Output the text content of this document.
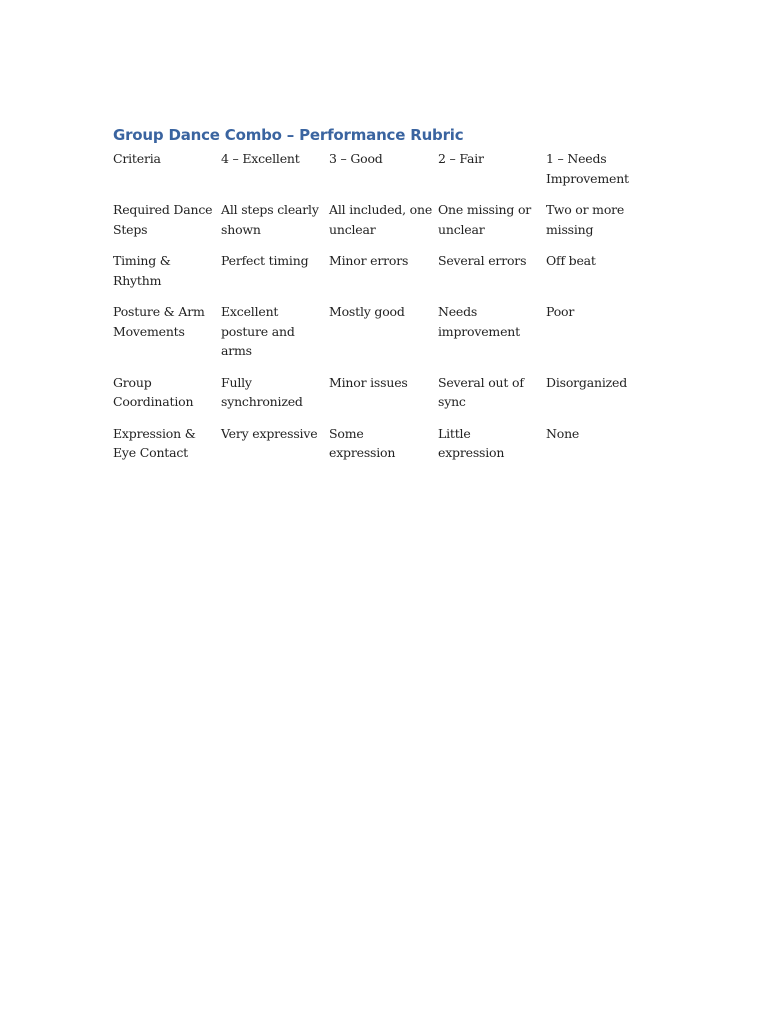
Group Dance Combo – Performance Rubric
Criteria	4 – Excellent	3 – Good	2 – Fair	1 – Needs Improvement
Required Dance Steps	All steps clearly shown	All included, one unclear	One missing or unclear	Two or more missing
Timing & Rhythm	Perfect timing	Minor errors	Several errors	Off beat
Posture & Arm Movements	Excellent posture and arms	Mostly good	Needs improvement	Poor
Group Coordination	Fully synchronized	Minor issues	Several out of sync	Disorganized
Expression & Eye Contact	Very expressive	Some expression	Little expression	None
